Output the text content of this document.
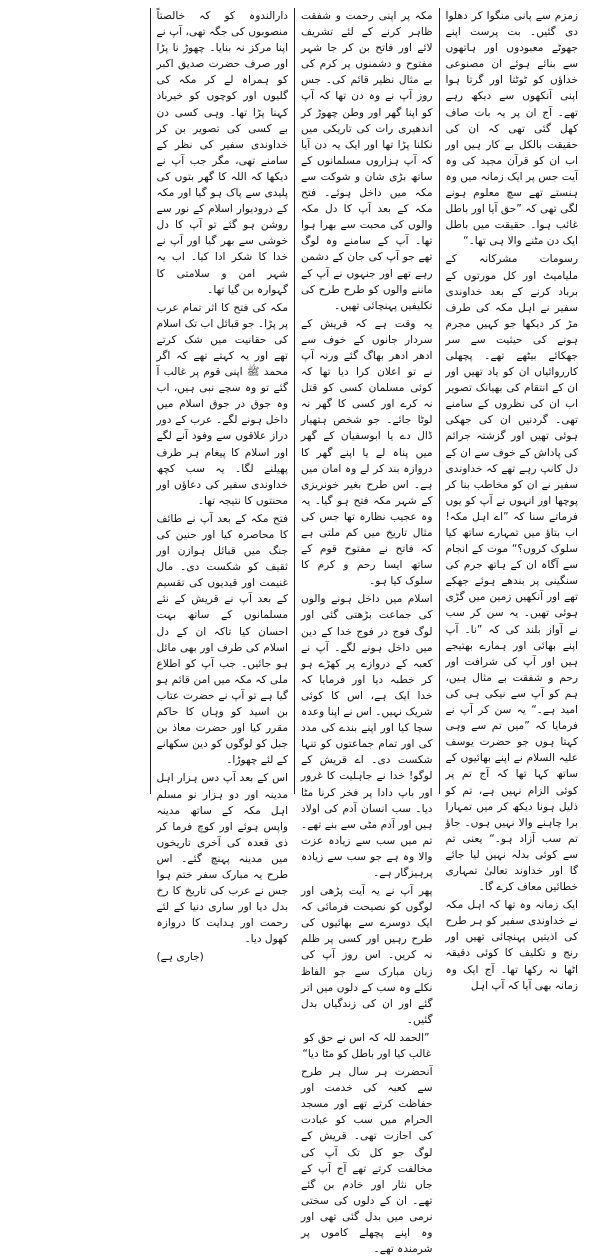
زمزم سے پانی منگوا کر دھلوا دی گئیں۔ بت پرست اپنے جھوٹے معبودوں اور ہاتھوں سے بنائے ہوئے ان مصنوعی خداؤں کو ٹوٹتا اور گرتا ہوا اپنی آنکھوں سے دیکھ رہے تھے۔ آج ان پر یہ بات صاف کھل گئی تھی کہ ان کی حقیقت بالکل بے کار ہیں اور اب ان کو قرآن مجید کی وہ آیت جس پر ایک زمانہ میں وہ ہنستے تھے سچ معلوم ہونے لگی تھی کہ ”حق آیا اور باطل غائب ہوا۔ حقیقت میں باطل ایک دن مٹنے والا ہی تھا۔“

رسومات مشرکانہ کے ملیامیٹ اور کل مورتوں کے برباد کرنے کے بعد خداوندی سفیر نے اہل مکہ کی طرف مڑ کر دیکھا جو کہیں مجرم ہونے کی حیثیت سے سر جھکائے بیٹھے تھے۔ پچھلی کارروائیاں ان کو یاد تھیں اور ان کے انتقام کی بھیانک تصویر اب ان کی نظروں کے سامنے تھی۔ گردنیں ان کی جھکی ہوئی تھیں اور گزشتہ جرائم کی پاداش کے خوف سے ان کے دل کانپ رہے تھے کہ خداوندی سفیر نے ان کو مخاطب بنا کر پوچھا اور انہوں نے آپ کو یوں فرماتے سنا کہ ”اے اہل مکہ! اب بتاؤ میں تمہارے ساتھ کیا سلوک کروں؟“ موت کے انجام سے آگاہ ان کے ہاتھ جرم کی سنگینی پر بندھے ہوئے جھکے تھے اور آنکھیں زمین میں گڑی ہوئی تھیں۔ یہ سن کر سب نے آواز بلند کی کہ ”نا۔ آپ اپنے بھائی اور ہمارے بھتیجے ہیں اور آپ کی شرافت اور رحم و شفقت بے مثال ہیں، ہم کو آپ سے نیکی ہی کی امید ہے۔“ یہ سن کر آپ نے فرمایا کہ ”میں تم سے وہی کہتا ہوں جو حضرت یوسف علیہ السلام نے اپنے بھائیوں کے ساتھ کہا تھا کہ آج تم پر کوئی الزام نہیں ہے، تم کو ذلیل ہونا دیکھ کر میں تمہارا برا چاہنے والا نہیں ہوں۔ جاؤ تم سب آزاد ہو۔“ یعنی تم سے کوئی بدلہ نہیں لیا جائے گا اور خداوند تعالیٰ تمہاری خطائیں معاف کرے گا۔

ایک زمانہ وہ تھا کہ اہل مکہ نے خداوندی سفیر کو ہر طرح کی اذیتیں پہنچائی تھیں اور رنج و تکلیف کا کوئی دقیقہ اٹھا نہ رکھا تھا۔ آج ایک وہ زمانہ بھی آیا کہ آپ اہل

مکہ پر اپنی رحمت و شفقت ظاہر کرنے کے لئے تشریف لائے اور فاتح بن کر جا شہر مفتوح و دشمنوں پر کرم کی بے مثال نظیر قائم کی۔ جس روز آپ نے وہ دن تھا کہ آپ کو اپنا گھر اور وطن چھوڑ کر اندھیری رات کی تاریکی میں نکلنا پڑا تھا اور ایک یہ دن آیا کہ آپ ہزاروں مسلمانوں کے ساتھ بڑی شان و شوکت سے مکہ میں داخل ہوئے۔ فتح مکہ کے بعد آپ کا دل مکہ والوں کی محبت سے بھرا ہوا تھا۔ آپ کے سامنے وہ لوگ تھے جو آپ کی جان کے دشمن رہے تھے اور جنہوں نے آپ کے ماننے والوں کو طرح طرح کی تکلیفیں پہنچائی تھیں۔

یہ وقت ہے کہ قریش کے سردار جانوں کے خوف سے ادھر ادھر بھاگ گئے ورنہ آپ نے تو اعلان کرا دیا تھا کہ کوئی مسلمان کسی کو قتل نہ کرے اور کسی کا گھر نہ لوٹا جائے۔ جو شخص ہتھیار ڈال دے یا ابوسفیان کے گھر میں پناہ لے یا اپنے گھر کا دروازہ بند کر لے وہ امان میں ہے۔ اس طرح بغیر خونریزی کے شہر مکہ فتح ہو گیا۔ یہ وہ عجیب نظارہ تھا جس کی مثال تاریخ میں کم ملتی ہے کہ فاتح نے مفتوح قوم کے ساتھ ایسا رحم و کرم کا سلوک کیا ہو۔

اسلام میں داخل ہونے والوں کی جماعت بڑھتی گئی اور لوگ فوج در فوج خدا کے دین میں داخل ہونے لگے۔ آپ نے کعبہ کے دروازے پر کھڑے ہو کر خطبہ دیا اور فرمایا کہ خدا ایک ہے، اس کا کوئی شریک نہیں۔ اس نے اپنا وعدہ سچا کیا اور اپنے بندے کی مدد کی اور تمام جماعتوں کو تنہا شکست دی۔ اے قریش کے لوگو! خدا نے جاہلیت کا غرور اور باپ دادا پر فخر کرنا مٹا دیا۔ سب انسان آدم کی اولاد ہیں اور آدم مٹی سے بنے تھے۔ تم میں سب سے زیادہ عزت والا وہ ہے جو سب سے زیادہ پرہیزگار ہے۔

پھر آپ نے یہ آیت پڑھی اور لوگوں کو نصیحت فرمائی کہ ایک دوسرے سے بھائیوں کی طرح رہیں اور کسی پر ظلم نہ کریں۔ اس روز آپ کی زبان مبارک سے جو الفاظ نکلے وہ سب کے دلوں میں اتر گئے اور ان کی زندگیاں بدل گئیں۔

”الحمد للہ کہ اس نے حق کو غالب کیا اور باطل کو مٹا دیا“

آنحضرت ہر سال ہر طرح سے کعبہ کی خدمت اور حفاظت کرتے تھے اور مسجد الحرام میں سب کو عبادت کی اجازت تھی۔ قریش کے لوگ جو کل تک آپ کی مخالفت کرتے تھے آج آپ کے جاں نثار اور خادم بن گئے تھے۔ ان کے دلوں کی سختی نرمی میں بدل گئی تھی اور وہ اپنے پچھلے کاموں پر شرمندہ تھے۔

دارالندوہ کو کہ خالصتاً منصوبوں کی جگہ تھی، آپ نے اپنا مرکز نہ بنایا۔ چھوڑ نا پڑا اور صرف حضرت صدیق اکبر کو ہمراہ لے کر مکہ کی گلیوں اور کوچوں کو خیرباد کہنا پڑا تھا۔ وہی کسی دن بے کسی کی تصویر بن کر خداوندی سفیر کی نظر کے سامنے تھی، مگر جب آپ نے دیکھا کہ اللہ کا گھر بتوں کی پلیدی سے پاک ہو گیا اور مکہ کے درودیوار اسلام کے نور سے روشن ہو گئے تو آپ کا دل خوشی سے بھر گیا اور آپ نے خدا کا شکر ادا کیا۔ اب یہ شہر امن و سلامتی کا گہوارہ بن گیا تھا۔

مکہ کی فتح کا اثر تمام عرب پر پڑا۔ جو قبائل اب تک اسلام کی حقانیت میں شک کرتے تھے اور یہ کہتے تھے کہ اگر محمد ﷺ اپنی قوم پر غالب آ گئے تو وہ سچے نبی ہیں، اب وہ جوق در جوق اسلام میں داخل ہونے لگے۔ عرب کے دور دراز علاقوں سے وفود آنے لگے اور اسلام کا پیغام ہر طرف پھیلنے لگا۔ یہ سب کچھ خداوندی سفیر کی دعاؤں اور محنتوں کا نتیجہ تھا۔

فتح مکہ کے بعد آپ نے طائف کا محاصرہ کیا اور حنین کی جنگ میں قبائل ہوازن اور ثقیف کو شکست دی۔ مال غنیمت اور قیدیوں کی تقسیم کے بعد آپ نے قریش کے نئے مسلمانوں کے ساتھ بہت احسان کیا تاکہ ان کے دل اسلام کی طرف اور بھی مائل ہو جائیں۔ جب آپ کو اطلاع ملی کہ مکہ میں امن قائم ہو گیا ہے تو آپ نے حضرت عتاب بن اسید کو وہاں کا حاکم مقرر کیا اور حضرت معاذ بن جبل کو لوگوں کو دین سکھانے کے لئے چھوڑا۔

اس کے بعد آپ دس ہزار اہل مدینہ اور دو ہزار نو مسلم اہل مکہ کے ساتھ مدینہ واپس ہوئے اور کوچ فرما کر ذی قعدہ کی آخری تاریخوں میں مدینہ پہنچ گئے۔ اس طرح یہ مبارک سفر ختم ہوا جس نے عرب کی تاریخ کا رخ بدل دیا اور ساری دنیا کے لئے رحمت اور ہدایت کا دروازہ کھول دیا۔

(جاری ہے)
